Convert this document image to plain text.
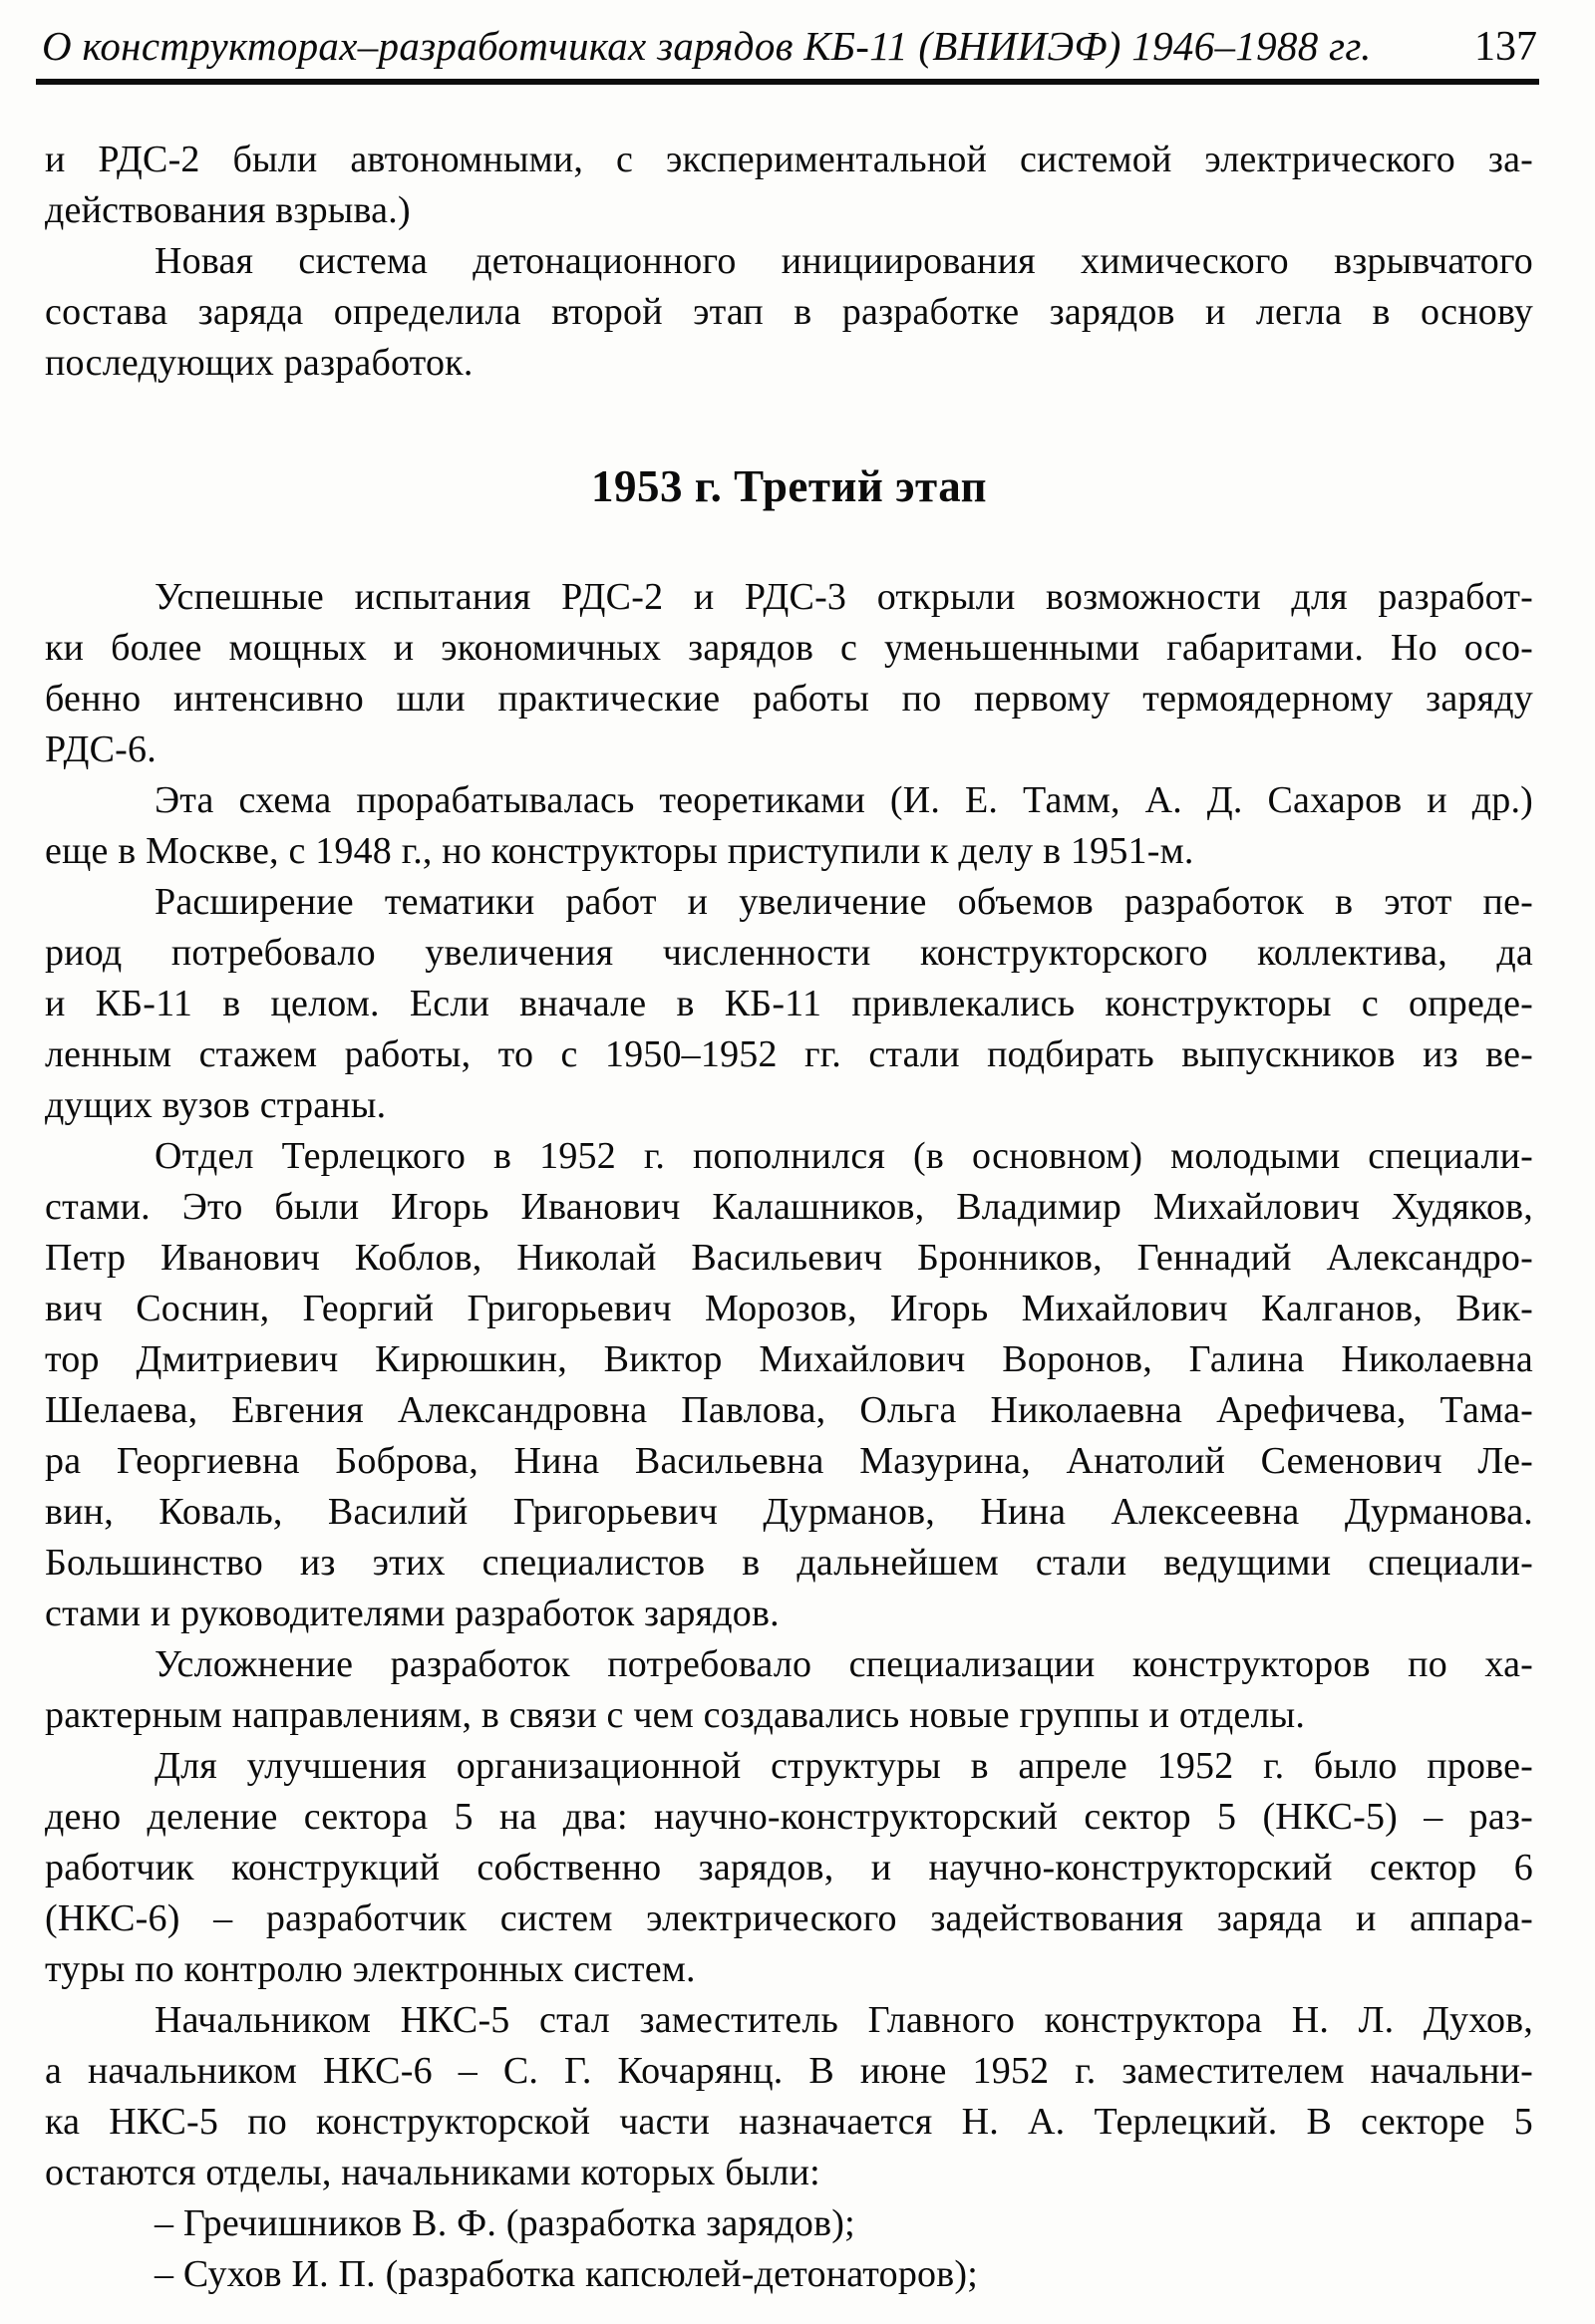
О конструкторах–разработчиках зарядов КБ-11 (ВНИИЭФ) 1946–1988 гг. 137
и РДС-2 были автономными, с экспериментальной системой электрического за-
действования взрыва.)
Новая система детонационного инициирования химического взрывчатого
состава заряда определила второй этап в разработке зарядов и легла в основу
последующих разработок.
1953 г. Третий этап
Успешные испытания РДС-2 и РДС-3 открыли возможности для разработ-
ки более мощных и экономичных зарядов с уменьшенными габаритами. Но осо-
бенно интенсивно шли практические работы по первому термоядерному заряду
РДС-6.
Эта схема прорабатывалась теоретиками (И. Е. Тамм, А. Д. Сахаров и др.)
еще в Москве, с 1948 г., но конструкторы приступили к делу в 1951-м.
Расширение тематики работ и увеличение объемов разработок в этот пе-
риод потребовало увеличения численности конструкторского коллектива, да
и КБ-11 в целом. Если вначале в КБ-11 привлекались конструкторы с опреде-
ленным стажем работы, то с 1950–1952 гг. стали подбирать выпускников из ве-
дущих вузов страны.
Отдел Терлецкого в 1952 г. пополнился (в основном) молодыми специали-
стами. Это были Игорь Иванович Калашников, Владимир Михайлович Худяков,
Петр Иванович Коблов, Николай Васильевич Бронников, Геннадий Александро-
вич Соснин, Георгий Григорьевич Морозов, Игорь Михайлович Калганов, Вик-
тор Дмитриевич Кирюшкин, Виктор Михайлович Воронов, Галина Николаевна
Шелаева, Евгения Александровна Павлова, Ольга Николаевна Арефичева, Тама-
ра Георгиевна Боброва, Нина Васильевна Мазурина, Анатолий Семенович Ле-
вин, Коваль, Василий Григорьевич Дурманов, Нина Алексеевна Дурманова.
Большинство из этих специалистов в дальнейшем стали ведущими специали-
стами и руководителями разработок зарядов.
Усложнение разработок потребовало специализации конструкторов по ха-
рактерным направлениям, в связи с чем создавались новые группы и отделы.
Для улучшения организационной структуры в апреле 1952 г. было прове-
дено деление сектора 5 на два: научно-конструкторский сектор 5 (НКС-5) – раз-
работчик конструкций собственно зарядов, и научно-конструкторский сектор 6
(НКС-6) – разработчик систем электрического задействования заряда и аппара-
туры по контролю электронных систем.
Начальником НКС-5 стал заместитель Главного конструктора Н. Л. Духов,
а начальником НКС-6 – С. Г. Кочарянц. В июне 1952 г. заместителем начальни-
ка НКС-5 по конструкторской части назначается Н. А. Терлецкий. В секторе 5
остаются отделы, начальниками которых были:
– Гречишников В. Ф. (разработка зарядов);
– Сухов И. П. (разработка капсюлей-детонаторов);
